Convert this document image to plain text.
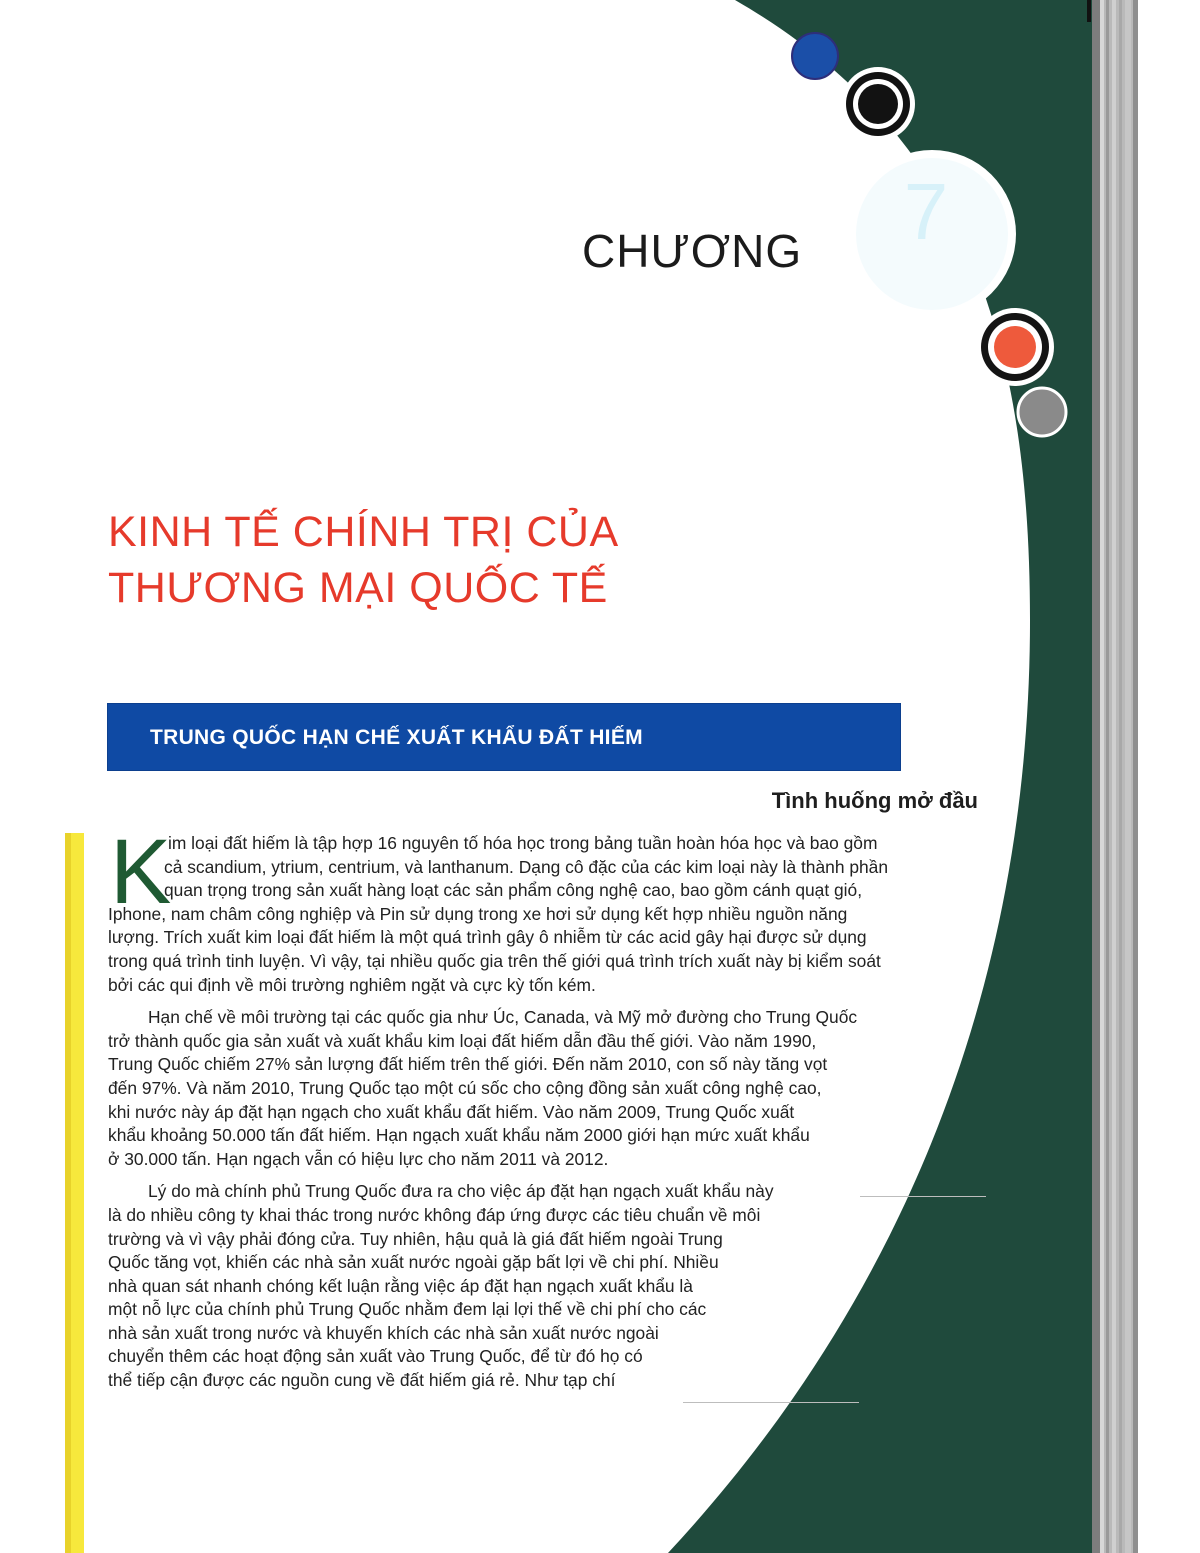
7
CHƯƠNG
KINH TẾ CHÍNH TRỊ CỦA
THƯƠNG MẠI QUỐC TẾ
TRUNG QUỐC HẠN CHẾ XUẤT KHẨU ĐẤT HIẾM
Tình huống mở đầu
K
im loại đất hiếm là tập hợp 16 nguyên tố hóa học trong bảng tuần hoàn hóa học và bao gồm
cả scandium, ytrium, centrium, và lanthanum. Dạng cô đặc của các kim loại này là thành phần
quan trọng trong sản xuất hàng loạt các sản phẩm công nghệ cao, bao gồm cánh quạt gió,
Iphone, nam châm công nghiệp và Pin sử dụng trong xe hơi sử dụng kết hợp nhiều nguồn năng
lượng. Trích xuất kim loại đất hiếm là một quá trình gây ô nhiễm từ các acid gây hại được sử dụng
trong quá trình tinh luyện. Vì vậy, tại nhiều quốc gia trên thế giới quá trình trích xuất này bị kiểm soát
bởi các qui định về môi trường nghiêm ngặt và cực kỳ tốn kém.
Hạn chế về môi trường tại các quốc gia như Úc, Canada, và Mỹ mở đường cho Trung Quốc
trở thành quốc gia sản xuất và xuất khẩu kim loại đất hiếm dẫn đầu thế giới. Vào năm 1990,
Trung Quốc chiếm 27% sản lượng đất hiếm trên thế giới. Đến năm 2010, con số này tăng vọt
đến 97%. Và năm 2010, Trung Quốc tạo một cú sốc cho cộng đồng sản xuất công nghệ cao,
khi nước này áp đặt hạn ngạch cho xuất khẩu đất hiếm. Vào năm 2009, Trung Quốc xuất
khẩu khoảng 50.000 tấn đất hiếm. Hạn ngạch xuất khẩu năm 2000 giới hạn mức xuất khẩu
ở 30.000 tấn. Hạn ngạch vẫn có hiệu lực cho năm 2011 và 2012.
Lý do mà chính phủ Trung Quốc đưa ra cho việc áp đặt hạn ngạch xuất khẩu này
là do nhiều công ty khai thác trong nước không đáp ứng được các tiêu chuẩn về môi
trường và vì vậy phải đóng cửa. Tuy nhiên, hậu quả là giá đất hiếm ngoài Trung
Quốc tăng vọt, khiến các nhà sản xuất nước ngoài gặp bất lợi về chi phí. Nhiều
nhà quan sát nhanh chóng kết luận rằng việc áp đặt hạn ngạch xuất khẩu là
một nỗ lực của chính phủ Trung Quốc nhằm đem lại lợi thế về chi phí cho các
nhà sản xuất trong nước và khuyến khích các nhà sản xuất nước ngoài
chuyển thêm các hoạt động sản xuất vào Trung Quốc, để từ đó họ có
thể tiếp cận được các nguồn cung về đất hiếm giá rẻ. Như tạp chí
